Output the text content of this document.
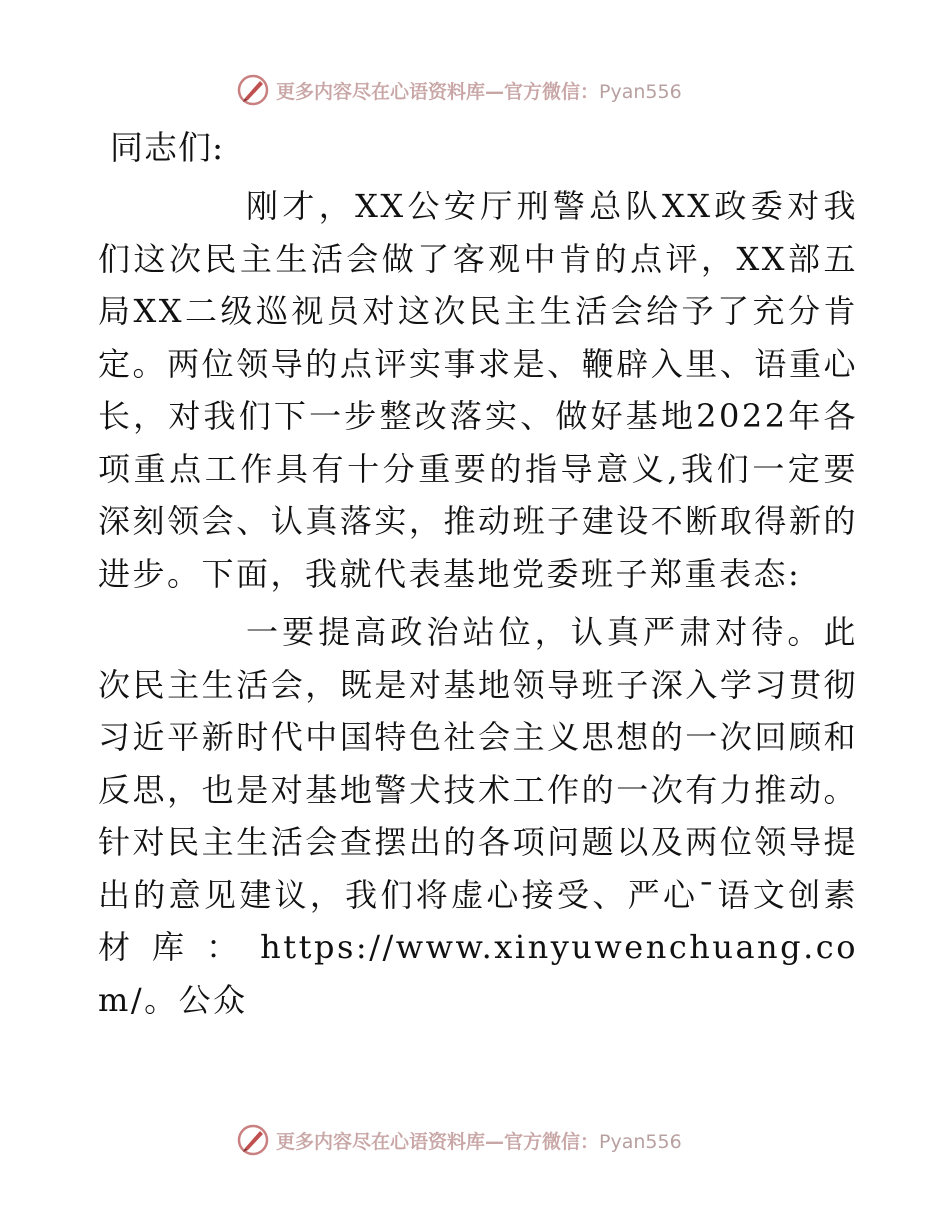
更多内容尽在心语资料库—官方微信：Pyan556
同志们:

刚才，XX公安厅刑警总队XX政委对我们这次民主生活会做了客观中肯的点评，XX部五局XX二级巡视员对这次民主生活会给予了充分肯定。两位领导的点评实事求是、鞭辟入里、语重心长，对我们下一步整改落实、做好基地2022年各项重点工作具有十分重要的指导意义,我们一定要深刻领会、认真落实，推动班子建设不断取得新的进步。下面，我就代表基地党委班子郑重表态:

一要提高政治站位，认真严肃对待。此次民主生活会，既是对基地领导班子深入学习贯彻习近平新时代中国特色社会主义思想的一次回顾和反思，也是对基地警犬技术工作的一次有力推动。针对民主生活会查摆出的各项问题以及两位领导提出的意见建议，我们将虚心接受、严心¯语文创素材库：https://www.xinyuwenchuang.com/。公众

更多内容尽在心语资料库—官方微信：Pyan556
